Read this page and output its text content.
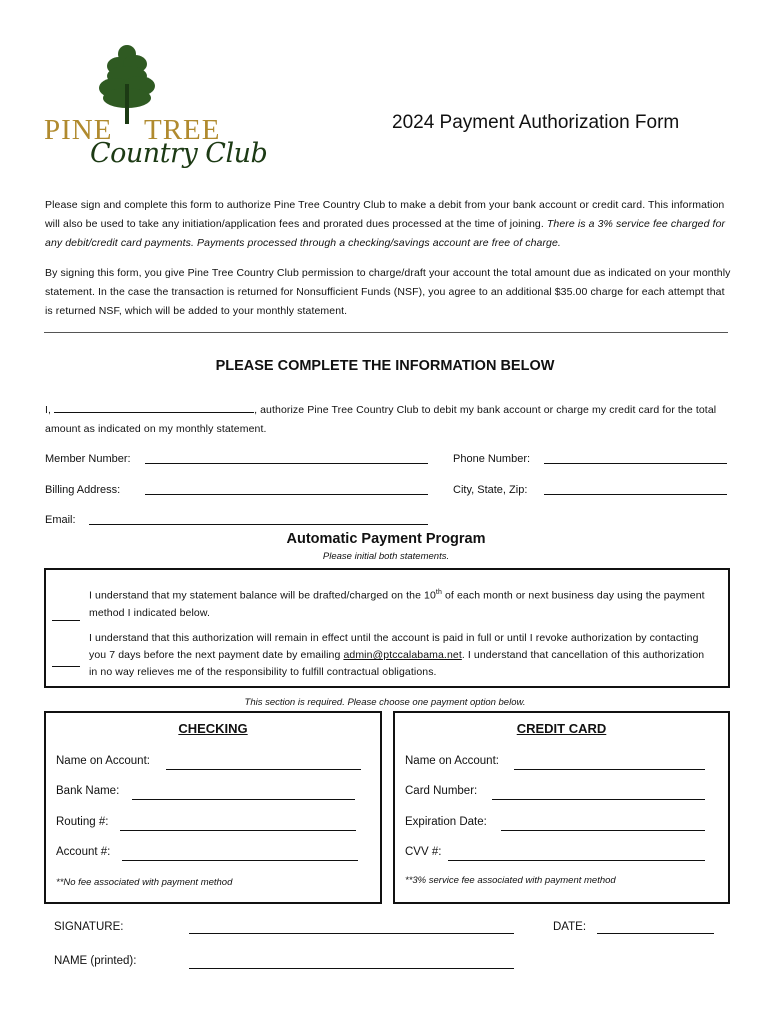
PINE TREE
Country Club
2024 Payment Authorization Form
Please sign and complete this form to authorize Pine Tree Country Club to make a debit from your bank account or credit card. This information will also be used to take any initiation/application fees and prorated dues processed at the time of joining. There is a 3% service fee charged for any debit/credit card payments. Payments processed through a checking/savings account are free of charge.
By signing this form, you give Pine Tree Country Club permission to charge/draft your account the total amount due as indicated on your monthly statement. In the case the transaction is returned for Nonsufficient Funds (NSF), you agree to an additional $35.00 charge for each attempt that is returned NSF, which will be added to your monthly statement.
PLEASE COMPLETE THE INFORMATION BELOW
I,	, authorize Pine Tree Country Club to debit my bank account or charge my credit card for the total amount as indicated on my monthly statement.
Member Number:	Phone Number:
Billing Address:	City, State, Zip:
Email:
Automatic Payment Program
Please initial both statements.
I understand that my statement balance will be drafted/charged on the 10th of each month or next business day using the payment method I indicated below.
I understand that this authorization will remain in effect until the account is paid in full or until I revoke authorization by contacting you 7 days before the next payment date by emailing admin@ptccalabama.net. I understand that cancellation of this authorization in no way relieves me of the responsibility to fulfill contractual obligations.
This section is required. Please choose one payment option below.
CHECKING
Name on Account:
Bank Name:
Routing #:
Account #:
**No fee associated with payment method
CREDIT CARD
Name on Account:
Card Number:
Expiration Date:
CVV #:
**3% service fee associated with payment method
SIGNATURE:	DATE:
NAME (printed):
